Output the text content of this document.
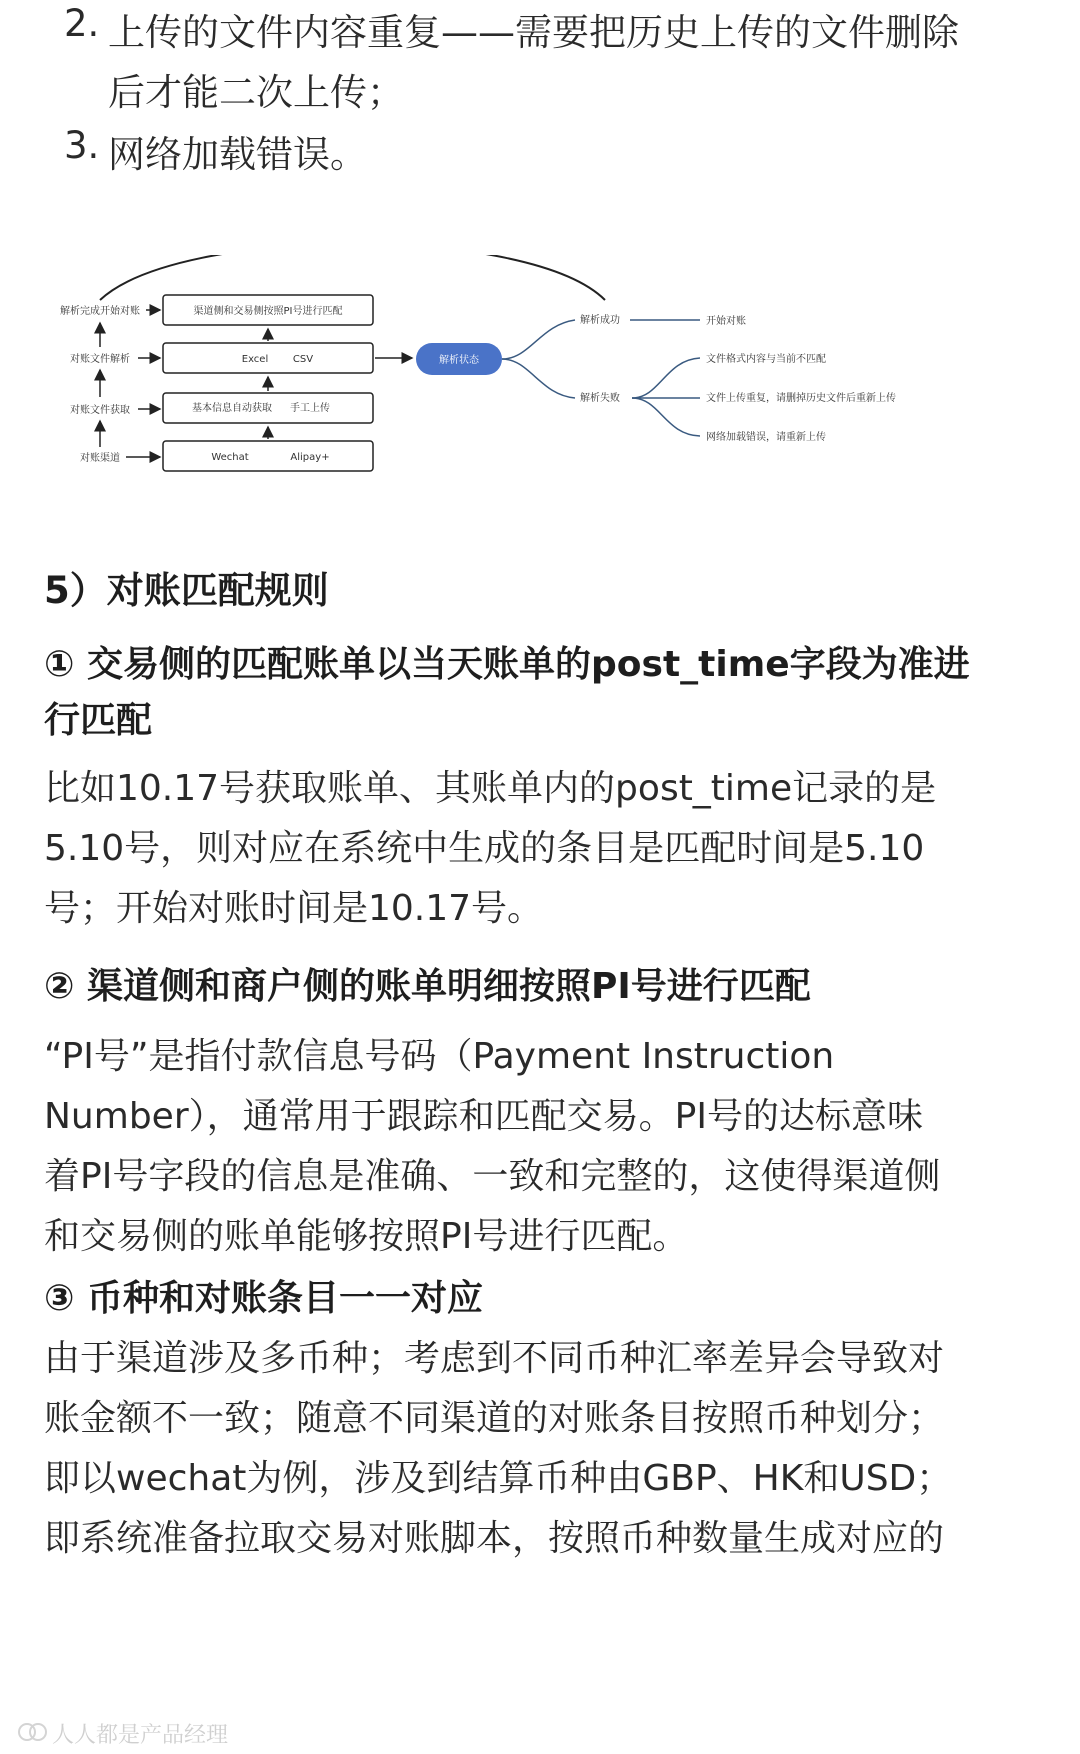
2. 上传的文件内容重复——需要把历史上传的文件删除
后才能二次上传；
3. 网络加载错误。
解析完成开始对账
对账文件解析
对账文件获取
对账渠道
渠道侧和交易侧按照PI号进行匹配
Excel CSV
基本信息自动获取 手工上传
Wechat	Alipay+
解析状态
解析成功
解析失败
开始对账
文件格式内容与当前不匹配
文件上传重复，请删掉历史文件后重新上传
网络加载错误，请重新上传
5）对账匹配规则
① 交易侧的匹配账单以当天账单的post_time字段为准进
行匹配
比如10.17号获取账单、其账单内的post_time记录的是
5.10号，则对应在系统中生成的条目是匹配时间是5.10
号；开始对账时间是10.17号。
② 渠道侧和商户侧的账单明细按照PI号进行匹配
“PI号”是指付款信息号码（Payment Instruction
Number），通常用于跟踪和匹配交易。PI号的达标意味
着PI号字段的信息是准确、一致和完整的，这使得渠道侧
和交易侧的账单能够按照PI号进行匹配。
③ 币种和对账条目一一对应
由于渠道涉及多币种；考虑到不同币种汇率差异会导致对
账金额不一致；随意不同渠道的对账条目按照币种划分；
即以wechat为例，涉及到结算币种由GBP、HK和USD；
即系统准备拉取交易对账脚本，按照币种数量生成对应的
人人都是产品经理
